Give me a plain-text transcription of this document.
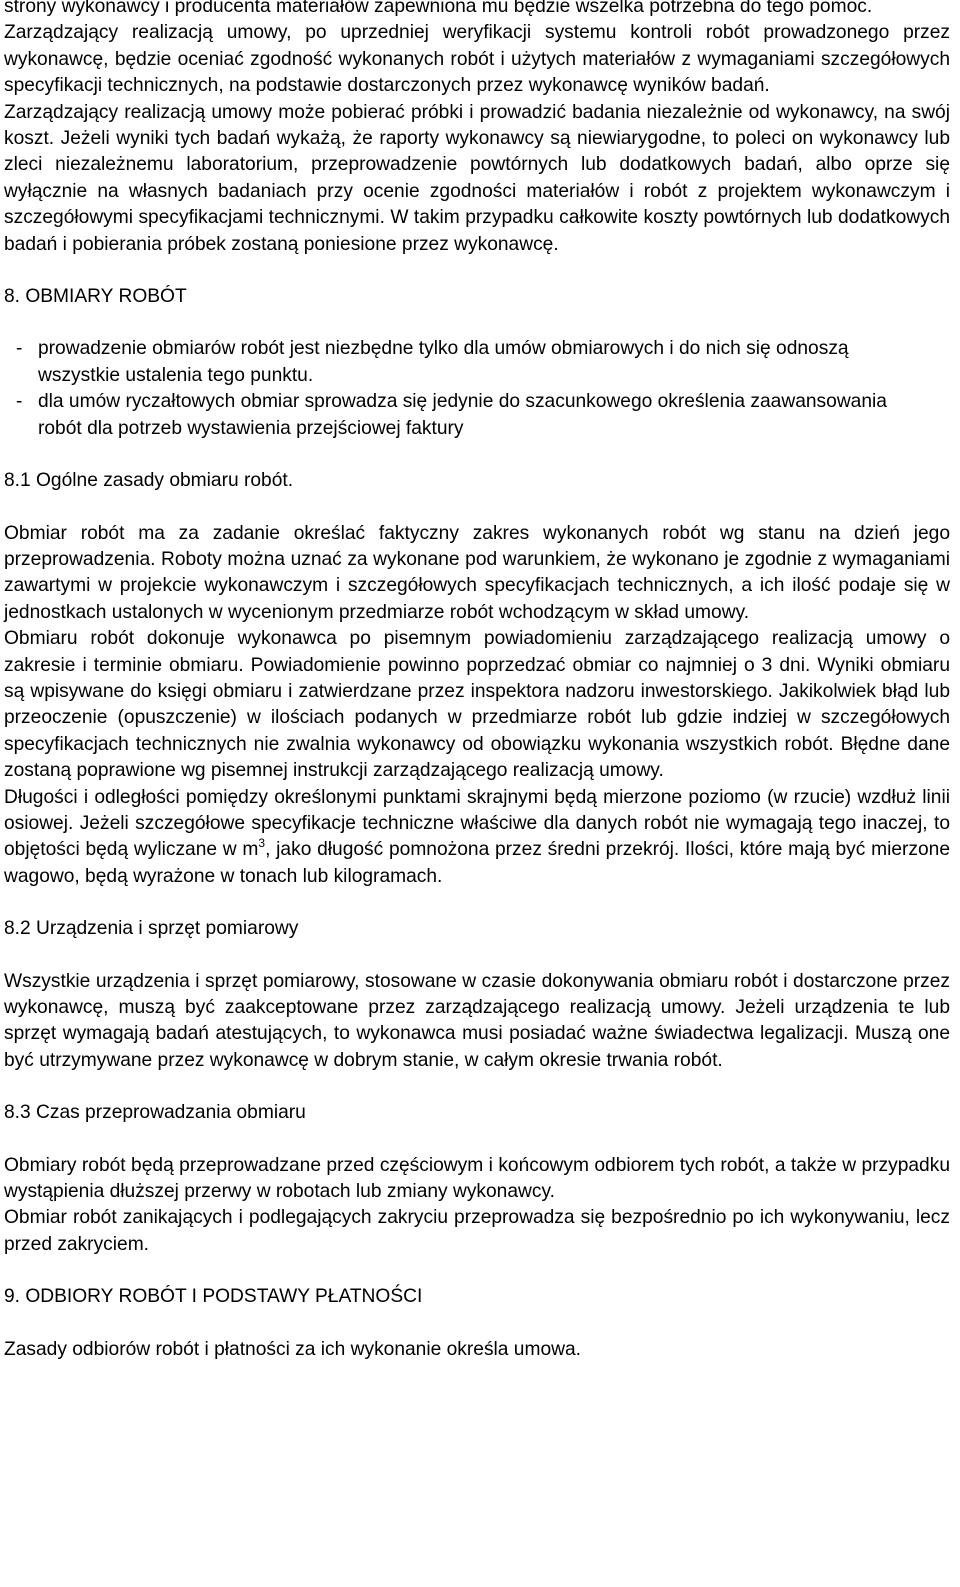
strony wykonawcy i producenta materiałów zapewniona mu będzie wszelka potrzebna do tego pomoc.

Zarządzający realizacją umowy, po uprzedniej weryfikacji systemu kontroli robót prowadzonego przez wykonawcę, będzie oceniać zgodność wykonanych robót i użytych materiałów z wymaganiami szczegółowych specyfikacji technicznych, na podstawie dostarczonych przez wykonawcę wyników badań.

Zarządzający realizacją umowy może pobierać próbki i prowadzić badania niezależnie od wykonawcy, na swój koszt. Jeżeli wyniki tych badań wykażą, że raporty wykonawcy są niewiarygodne, to poleci on wykonawcy lub zleci niezależnemu laboratorium, przeprowadzenie powtórnych lub dodatkowych badań, albo oprze się wyłącznie na własnych badaniach przy ocenie zgodności materiałów i robót z projektem wykonawczym i szczegółowymi specyfikacjami technicznymi. W takim przypadku całkowite koszty powtórnych lub dodatkowych badań i pobierania próbek zostaną poniesione przez wykonawcę.

8. OBMIARY ROBÓT
- prowadzenie obmiarów robót jest niezbędne tylko dla umów obmiarowych i do nich się odnoszą wszystkie ustalenia tego punktu.
- dla umów ryczałtowych obmiar sprowadza się jedynie do szacunkowego określenia zaawansowania robót dla potrzeb wystawienia przejściowej faktury
8.1 Ogólne zasady obmiaru robót.

Obmiar robót ma za zadanie określać faktyczny zakres wykonanych robót wg stanu na dzień jego przeprowadzenia. Roboty można uznać za wykonane pod warunkiem, że wykonano je zgodnie z wymaganiami zawartymi w projekcie wykonawczym i szczegółowych specyfikacjach technicznych, a ich ilość podaje się w jednostkach ustalonych w wycenionym przedmiarze robót wchodzącym w skład umowy.

Obmiaru robót dokonuje wykonawca po pisemnym powiadomieniu zarządzającego realizacją umowy o zakresie i terminie obmiaru. Powiadomienie powinno poprzedzać obmiar co najmniej o 3 dni. Wyniki obmiaru są wpisywane do księgi obmiaru i zatwierdzane przez inspektora nadzoru inwestorskiego. Jakikolwiek błąd lub przeoczenie (opuszczenie) w ilościach podanych w przedmiarze robót lub gdzie indziej w szczegółowych specyfikacjach technicznych nie zwalnia wykonawcy od obowiązku wykonania wszystkich robót. Błędne dane zostaną poprawione wg pisemnej instrukcji zarządzającego realizacją umowy.

Długości i odległości pomiędzy określonymi punktami skrajnymi będą mierzone poziomo (w rzucie) wzdłuż linii osiowej. Jeżeli szczegółowe specyfikacje techniczne właściwe dla danych robót nie wymagają tego inaczej, to objętości będą wyliczane w $m^3$, jako długość pomnożona przez średni przekrój. Ilości, które mają być mierzone wagowo, będą wyrażone w tonach lub kilogramach.

8.2 Urządzenia i sprzęt pomiarowy

Wszystkie urządzenia i sprzęt pomiarowy, stosowane w czasie dokonywania obmiaru robót i dostarczone przez wykonawcę, muszą być zaakceptowane przez zarządzającego realizacją umowy. Jeżeli urządzenia te lub sprzęt wymagają badań atestujących, to wykonawca musi posiadać ważne świadectwa legalizacji. Muszą one być utrzymywane przez wykonawcę w dobrym stanie, w całym okresie trwania robót.

8.3 Czas przeprowadzania obmiaru

Obmiary robót będą przeprowadzane przed częściowym i końcowym odbiorem tych robót, a także w przypadku wystąpienia dłuższej przerwy w robotach lub zmiany wykonawcy.

Obmiar robót zanikających i podlegających zakryciu przeprowadza się bezpośrednio po ich wykonywaniu, lecz przed zakryciem.

9. ODBIORY ROBÓT I PODSTAWY PŁATNOŚCI

Zasady odbiorów robót i płatności za ich wykonanie określa umowa.
